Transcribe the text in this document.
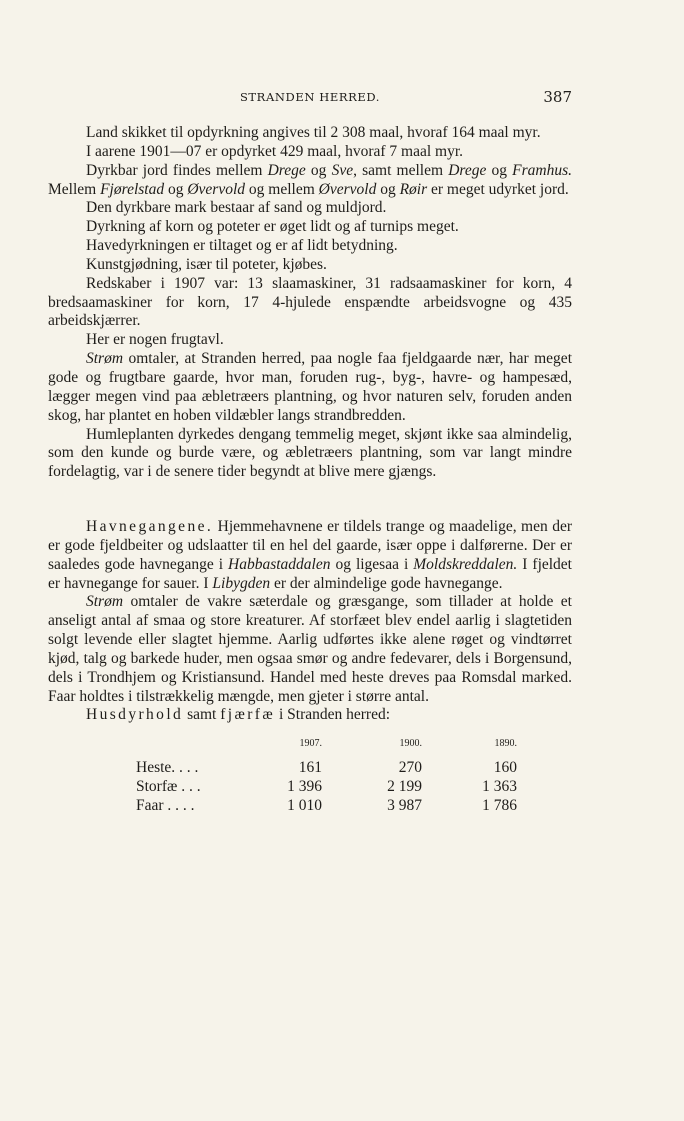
STRANDEN HERRED.	387

Land skikket til opdyrkning angives til 2 308 maal, hvoraf 164 maal myr.

I aarene 1901—07 er opdyrket 429 maal, hvoraf 7 maal myr.

Dyrkbar jord findes mellem Drege og Sve, samt mellem Drege og Framhus. Mellem Fjørelstad og Øvervold og mellem Øvervold og Røir er meget udyrket jord.

Den dyrkbare mark bestaar af sand og muldjord.

Dyrkning af korn og poteter er øget lidt og af turnips meget.

Havedyrkningen er tiltaget og er af lidt betydning.

Kunstgjødning, især til poteter, kjøbes.

Redskaber i 1907 var: 13 slaamaskiner, 31 radsaamaskiner for korn, 4 bredsaamaskiner for korn, 17 4-hjulede enspændte arbeidsvogne og 435 arbeidskjærrer.

Her er nogen frugtavl.

Strøm omtaler, at Stranden herred, paa nogle faa fjeldgaarde nær, har meget gode og frugtbare gaarde, hvor man, foruden rug-, byg-, havre- og hampesæd, lægger megen vind paa æbletræers plantning, og hvor naturen selv, foruden anden skog, har plantet en hoben vildæbler langs strandbredden.

Humleplanten dyrkedes dengang temmelig meget, skjønt ikke saa almindelig, som den kunde og burde være, og æbletræers plantning, som var langt mindre fordelagtig, var i de senere tider begyndt at blive mere gjængs.

Havnegangene. Hjemmehavnene er tildels trange og maadelige, men der er gode fjeldbeiter og udslaatter til en hel del gaarde, især oppe i dalførerne. Der er saaledes gode havnegange i Habbastaddalen og ligesaa i Moldskreddalen. I fjeldet er havnegange for sauer. I Libygden er der almindelige gode havnegange.

Strøm omtaler de vakre sæterdale og græsgange, som tillader at holde et anseligt antal af smaa og store kreaturer. Af storfæet blev endel aarlig i slagtetiden solgt levende eller slagtet hjemme. Aarlig udførtes ikke alene røget og vindtørret kjød, talg og barkede huder, men ogsaa smør og andre fedevarer, dels i Borgensund, dels i Trondhjem og Kristiansund. Handel med heste dreves paa Romsdal marked. Faar holdtes i tilstrækkelig mængde, men gjeter i større antal.

Husdyrhold samt fjærfæ i Stranden herred:

	1907.	1900.	1890.
Heste. . . .	161	270	160
Storfæ . . .	1 396	2 199	1 363
Faar . . . .	1 010	3 987	1 786
